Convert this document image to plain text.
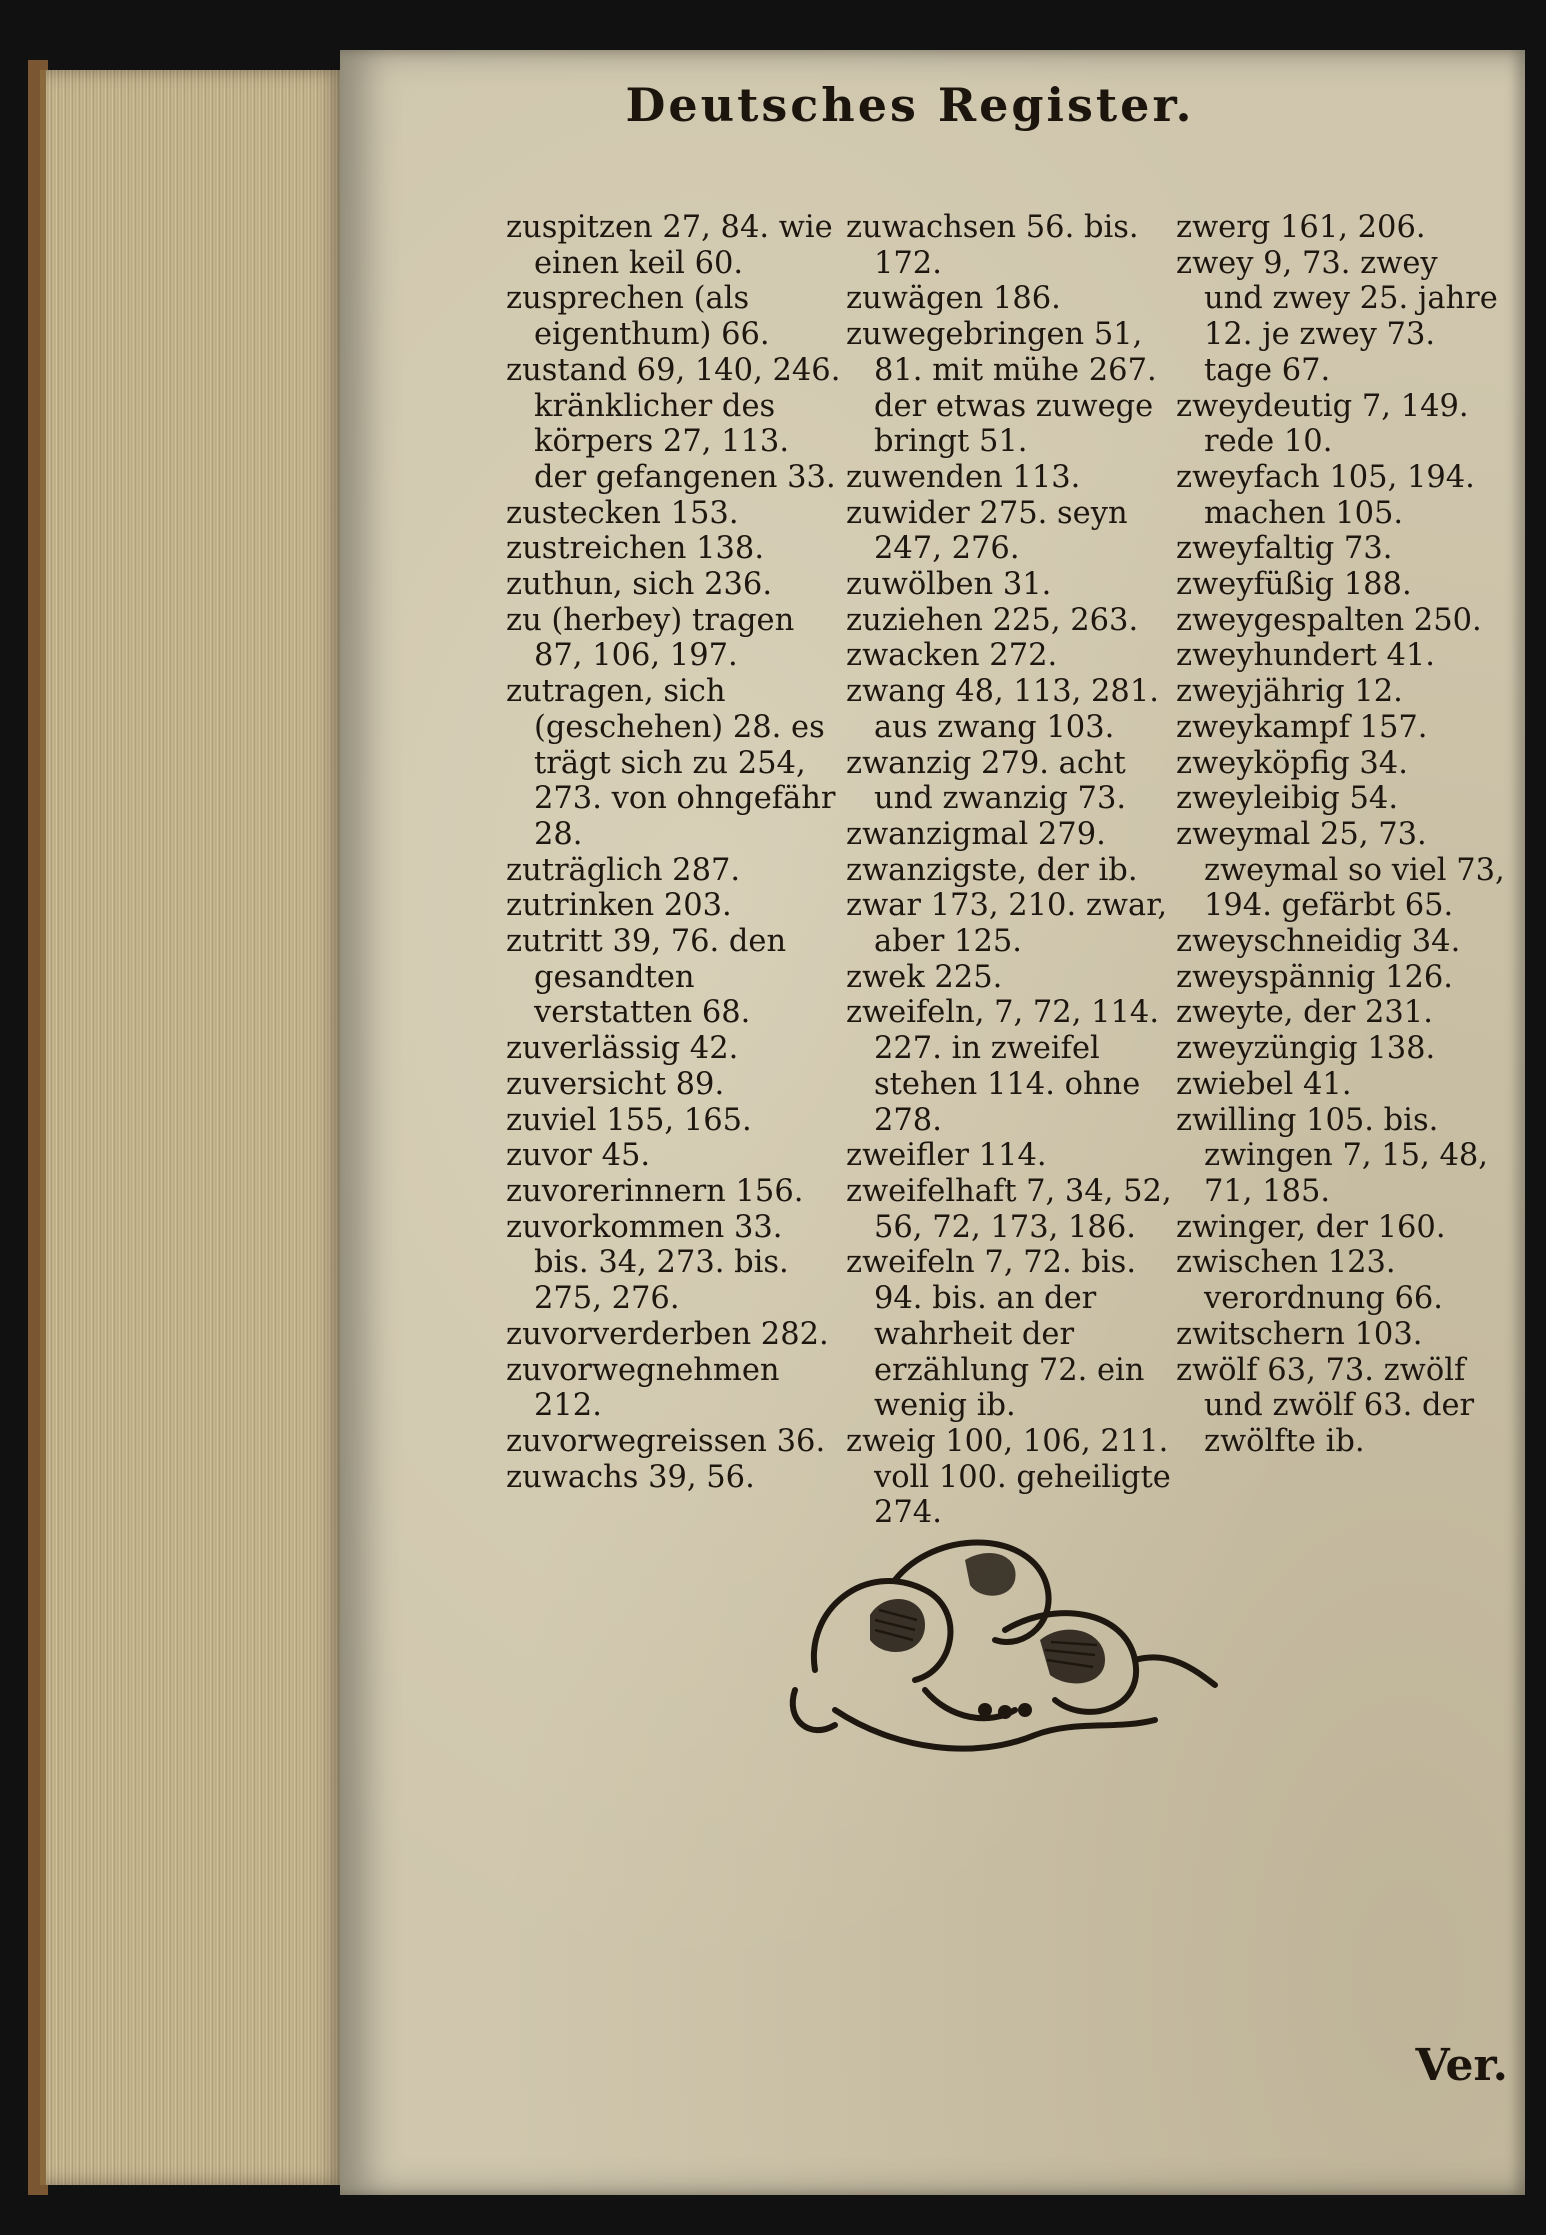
Deutsches Register.

zuspitzen 27, 84. wie einen keil 60.

zusprechen (als eigenthum) 66.

zustand 69, 140, 246. kränklicher des körpers 27, 113. der gefangenen 33.

zustecken 153.

zustreichen 138.

zuthun, sich 236.

zu (herbey) tragen 87, 106, 197.

zutragen, sich (geschehen) 28. es trägt sich zu 254, 273. von ohngefähr 28.

zuträglich 287.

zutrinken 203.

zutritt 39, 76. den gesandten verstatten 68.

zuverlässig 42.

zuversicht 89.

zuviel 155, 165.

zuvor 45.

zuvorerinnern 156.

zuvorkommen 33. bis. 34, 273. bis. 275, 276.

zuvorverderben 282.

zuvorwegnehmen 212.

zuvorwegreissen 36.

zuwachs 39, 56.

zuwachsen 56. bis. 172.

zuwägen 186.

zuwegebringen 51, 81. mit mühe 267. der etwas zuwege bringt 51.

zuwenden 113.

zuwider 275. seyn 247, 276.

zuwölben 31.

zuziehen 225, 263.

zwacken 272.

zwang 48, 113, 281. aus zwang 103.

zwanzig 279. acht und zwanzig 73.

zwanzigmal 279.

zwanzigste, der ib.

zwar 173, 210. zwar, aber 125.

zwek 225.

zweifeln, 7, 72, 114. 227. in zweifel stehen 114. ohne 278.

zweifler 114.

zweifelhaft 7, 34, 52, 56, 72, 173, 186.

zweifeln 7, 72. bis. 94. bis. an der wahrheit der erzählung 72. ein wenig ib.

zweig 100, 106, 211. voll 100. geheiligte 274.

zwerg 161, 206.

zwey 9, 73. zwey und zwey 25. jahre 12. je zwey 73. tage 67.

zweydeutig 7, 149. rede 10.

zweyfach 105, 194. machen 105.

zweyfaltig 73.

zweyfüßig 188.

zweygespalten 250.

zweyhundert 41.

zweyjährig 12.

zweykampf 157.

zweyköpfig 34.

zweyleibig 54.

zweymal 25, 73. zweymal so viel 73, 194. gefärbt 65.

zweyschneidig 34.

zweyspännig 126.

zweyte, der 231.

zweyzüngig 138.

zwiebel 41.

zwilling 105. bis. zwingen 7, 15, 48, 71, 185.

zwinger, der 160.

zwischen 123. verordnung 66.

zwitschern 103.

zwölf 63, 73. zwölf und zwölf 63. der zwölfte ib.

Ver.
